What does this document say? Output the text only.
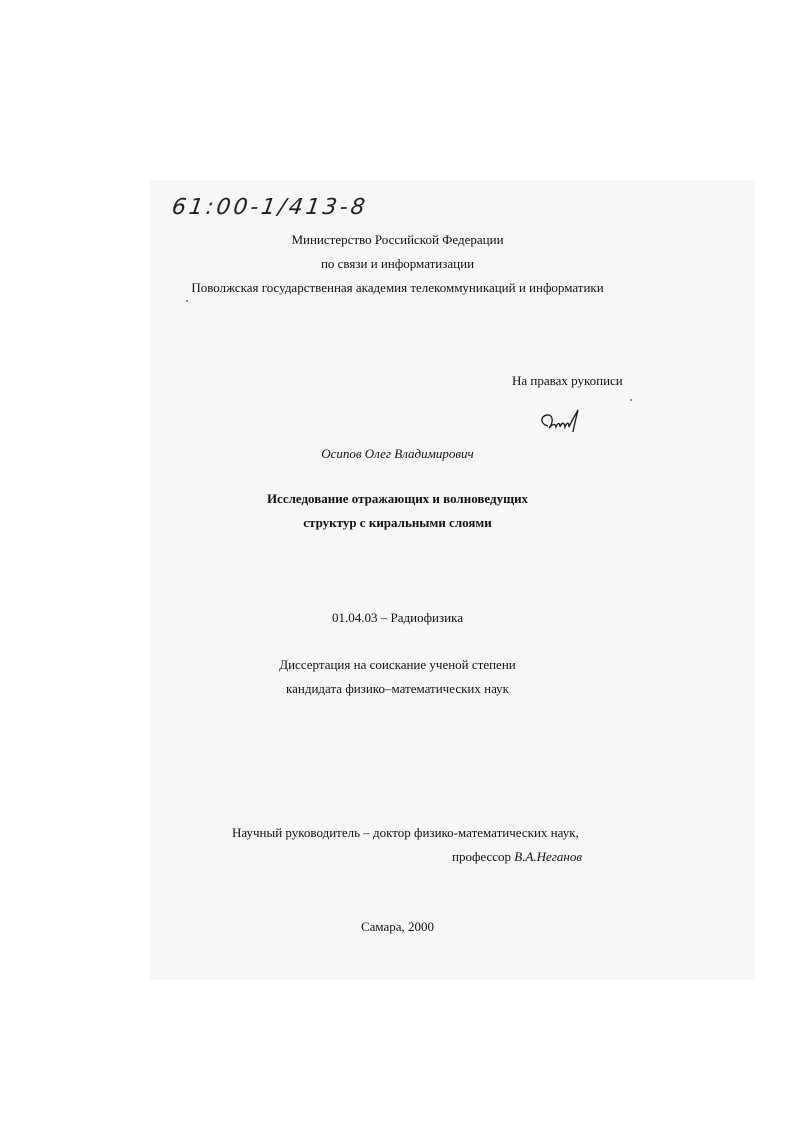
61:00-1/413-8
Министерство Российской Федерации
по связи и информатизации
Поволжская государственная академия телекоммуникаций и информатики
На правах рукописи
Осипов Олег Владимирович
Исследование отражающих и волноведущих
структур с киральными слоями
01.04.03 – Радиофизика
Диссертация на соискание ученой степени
кандидата физико–математических наук
Научный руководитель – доктор физико-математических наук,
профессор В.А.Неганов
Самара, 2000
